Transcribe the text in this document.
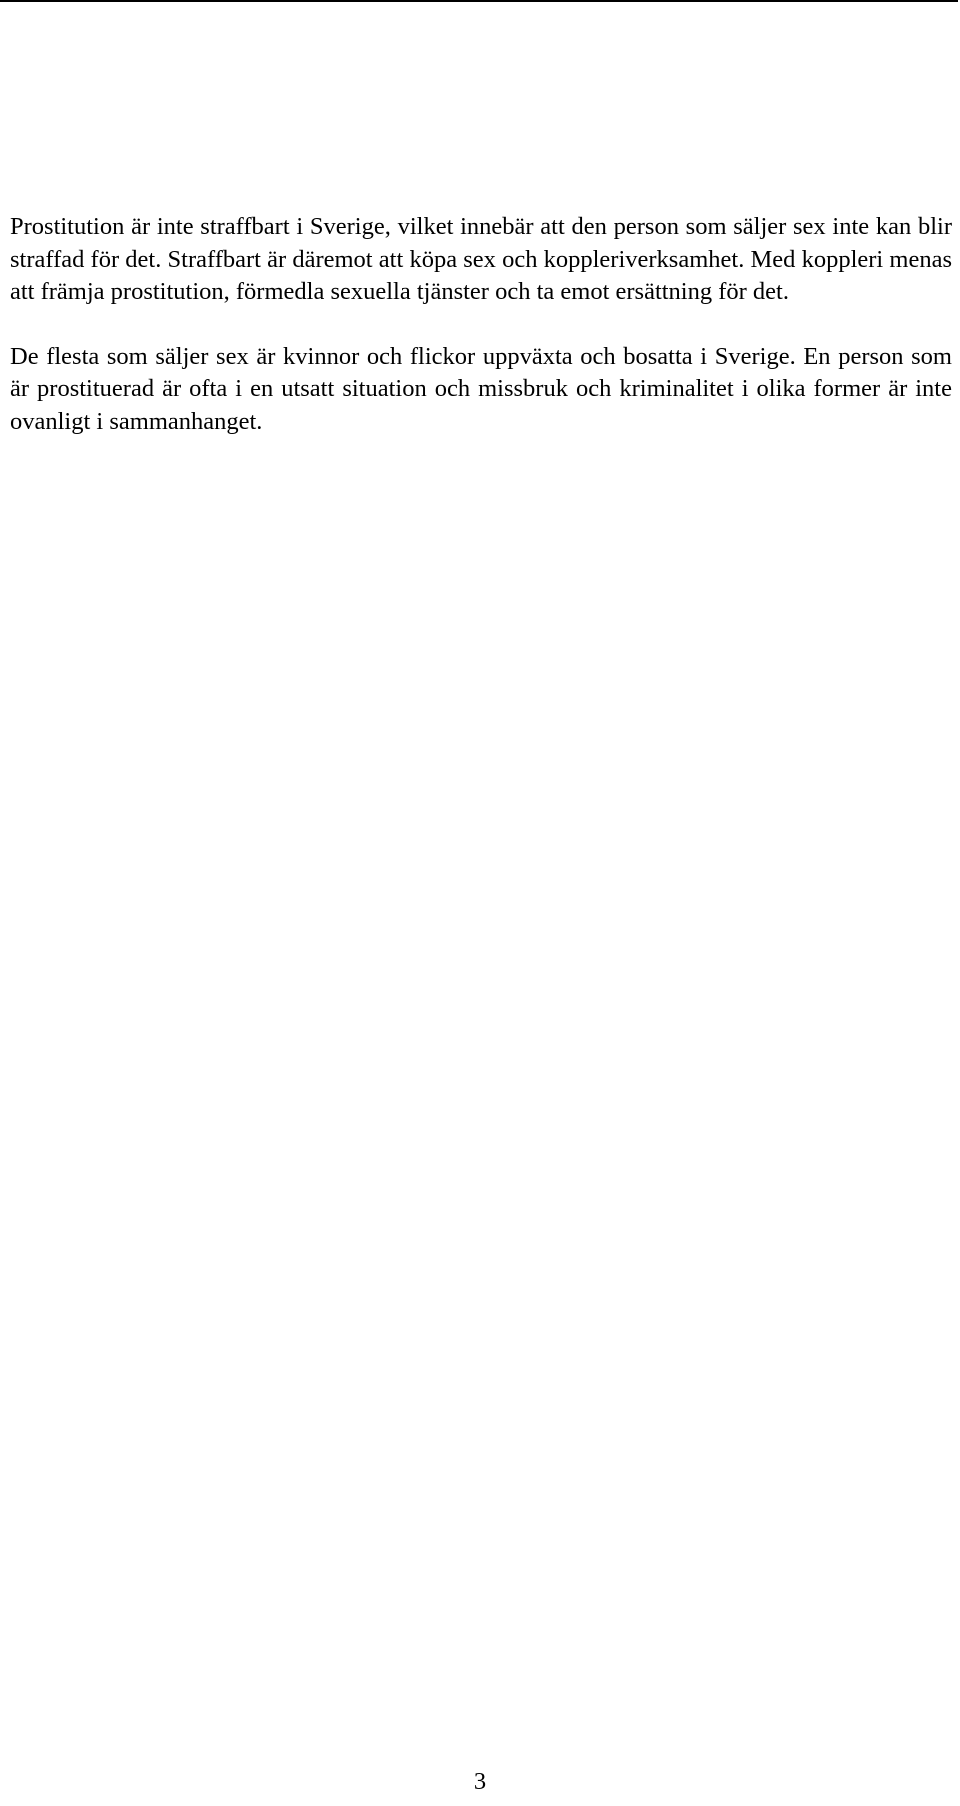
Prostitution är inte straffbart i Sverige, vilket innebär att den person som säljer sex inte kan blir straffad för det. Straffbart är däremot att köpa sex och koppleriverksamhet. Med koppleri menas att främja prostitution, förmedla sexuella tjänster och ta emot ersättning för det.

De flesta som säljer sex är kvinnor och flickor uppväxta och bosatta i Sverige. En person som är prostituerad är ofta i en utsatt situation och missbruk och kriminalitet i olika former är inte ovanligt i sammanhanget.

3
